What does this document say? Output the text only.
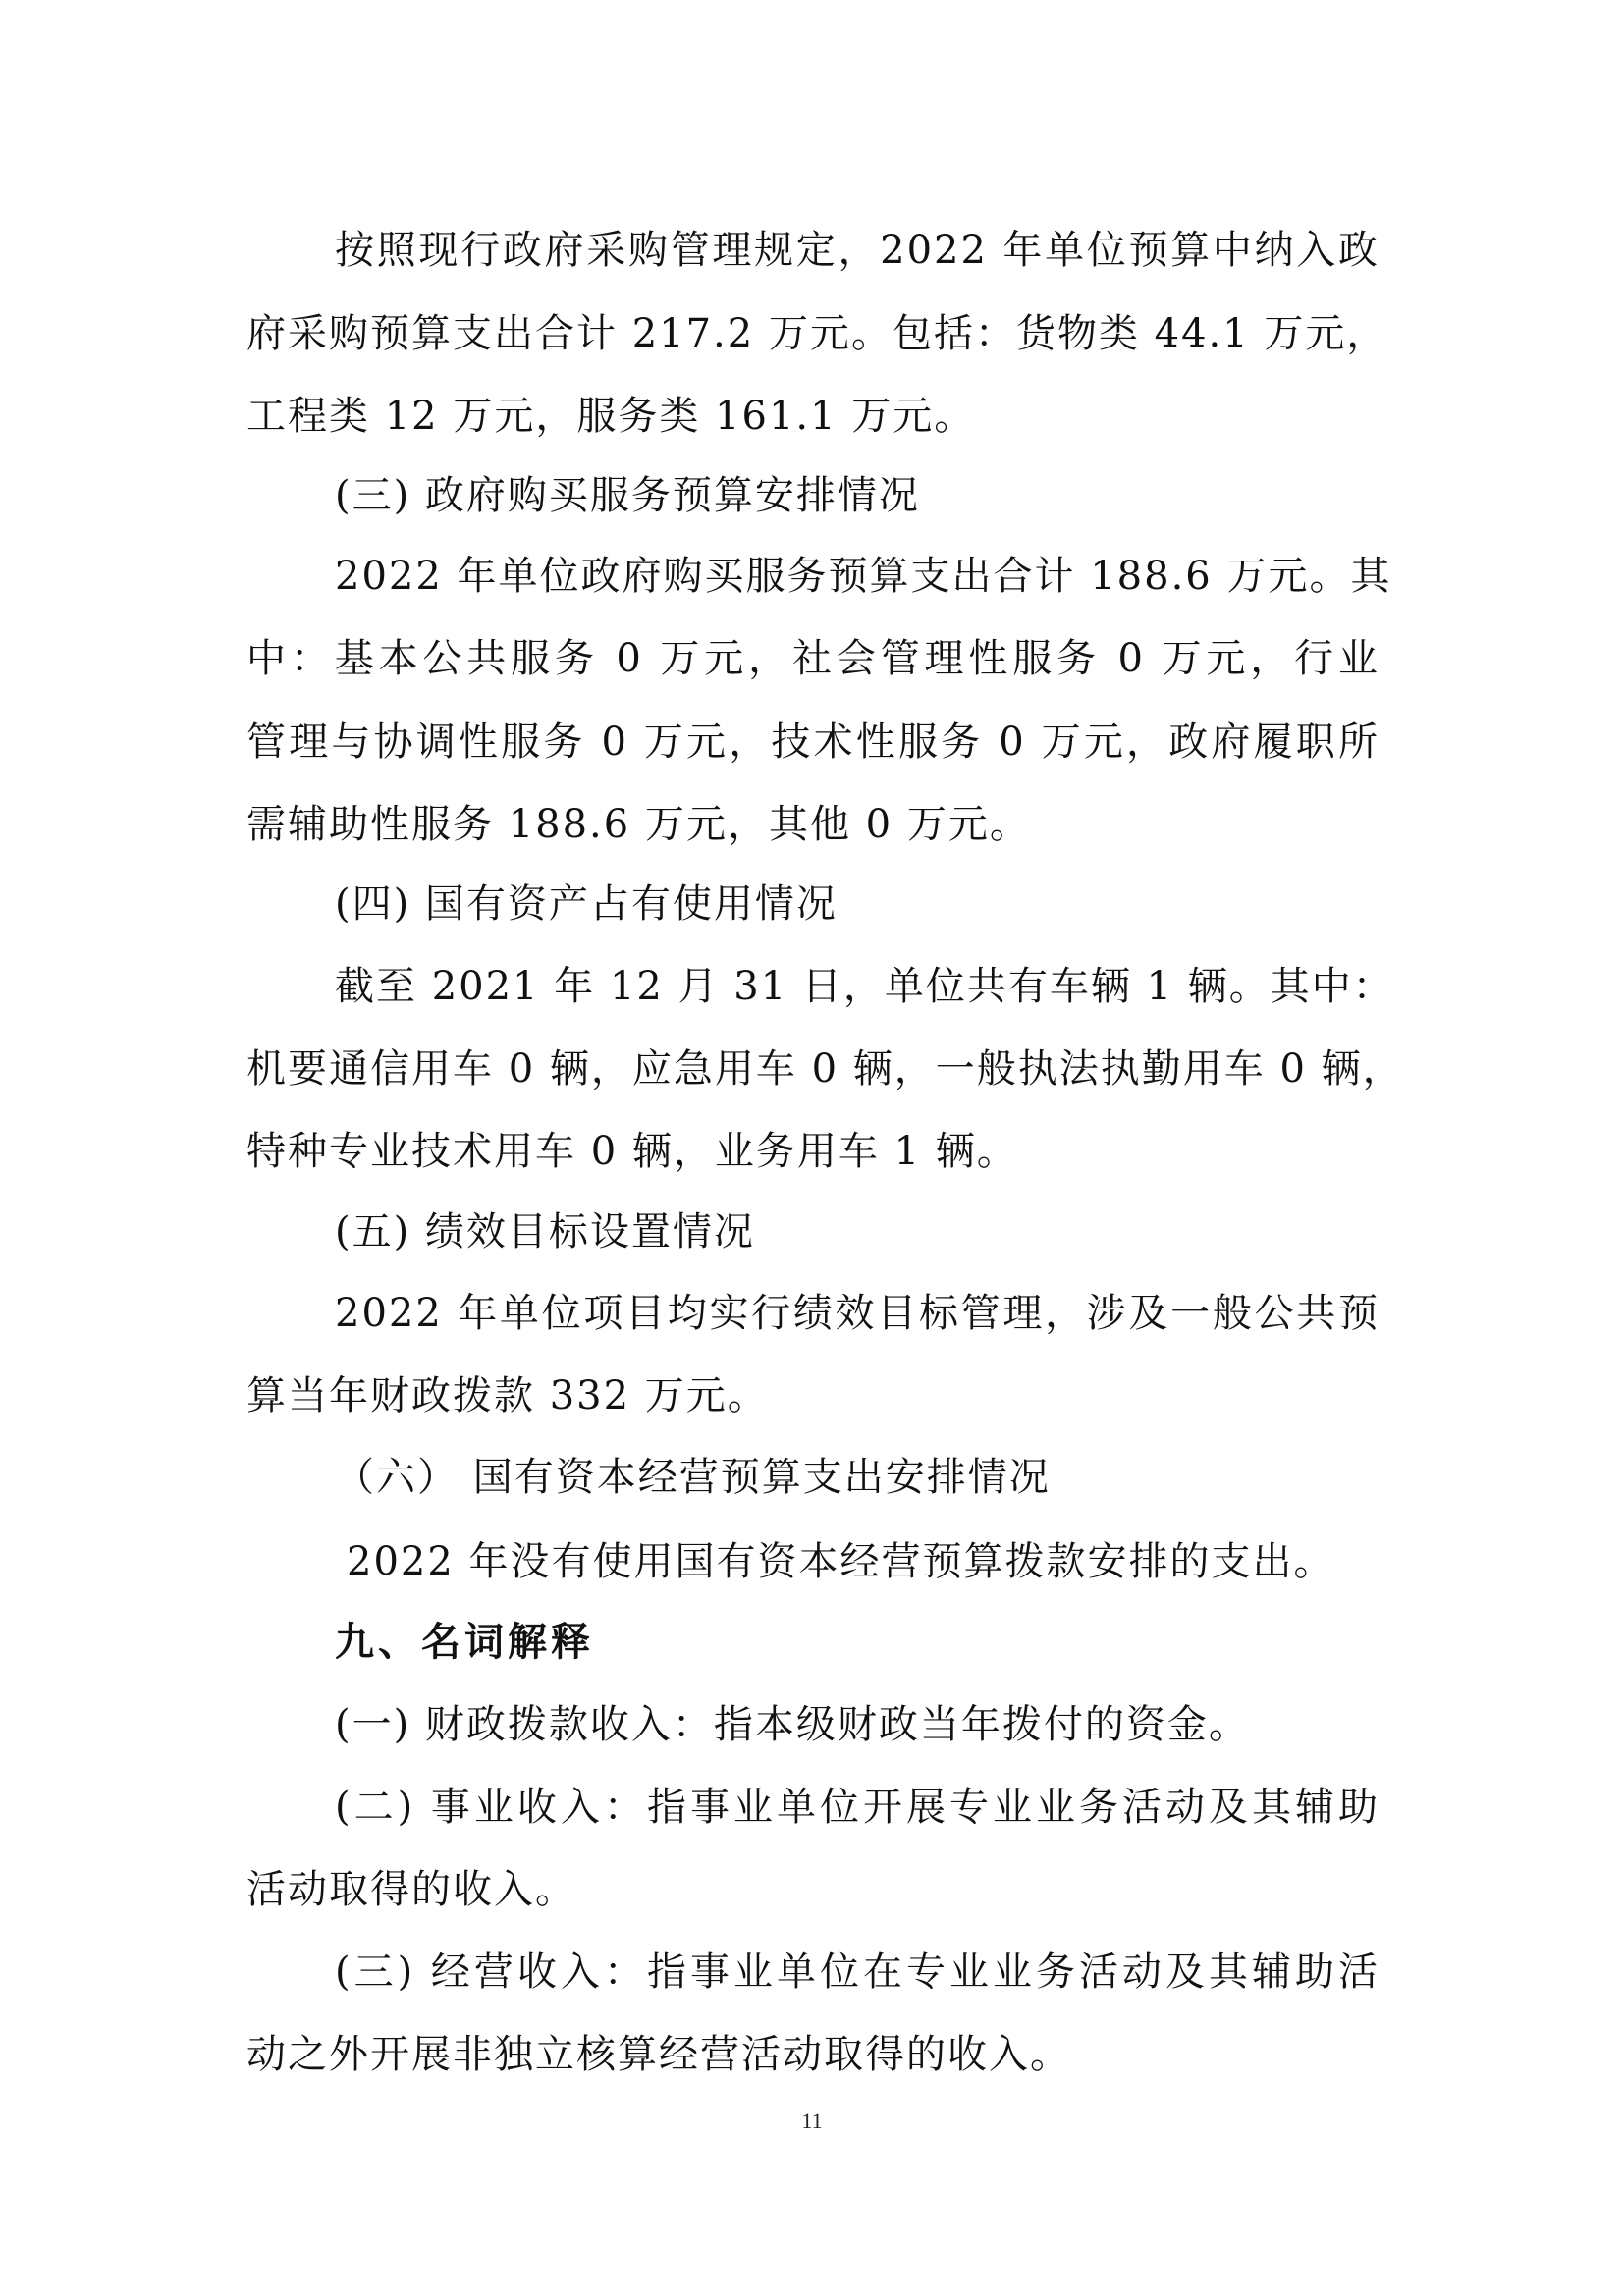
按照现行政府采购管理规定，2022 年单位预算中纳入政
府采购预算支出合计 217.2 万元。包括：货物类 44.1 万元，
工程类 12 万元，服务类 161.1 万元。
(三) 政府购买服务预算安排情况
2022 年单位政府购买服务预算支出合计 188.6 万元。其
中：基本公共服务 0 万元，社会管理性服务 0 万元，行业
管理与协调性服务 0 万元，技术性服务 0 万元，政府履职所
需辅助性服务 188.6 万元，其他 0 万元。
(四) 国有资产占有使用情况
截至 2021 年 12 月 31 日，单位共有车辆 1 辆。其中：
机要通信用车 0 辆，应急用车 0 辆，一般执法执勤用车 0 辆，
特种专业技术用车 0 辆，业务用车 1 辆。
(五) 绩效目标设置情况
2022 年单位项目均实行绩效目标管理，涉及一般公共预
算当年财政拨款 332 万元。
（六） 国有资本经营预算支出安排情况
2022 年没有使用国有资本经营预算拨款安排的支出。
九、名词解释
(一) 财政拨款收入：指本级财政当年拨付的资金。
(二) 事业收入：指事业单位开展专业业务活动及其辅助
活动取得的收入。
(三) 经营收入：指事业单位在专业业务活动及其辅助活
动之外开展非独立核算经营活动取得的收入。
11
